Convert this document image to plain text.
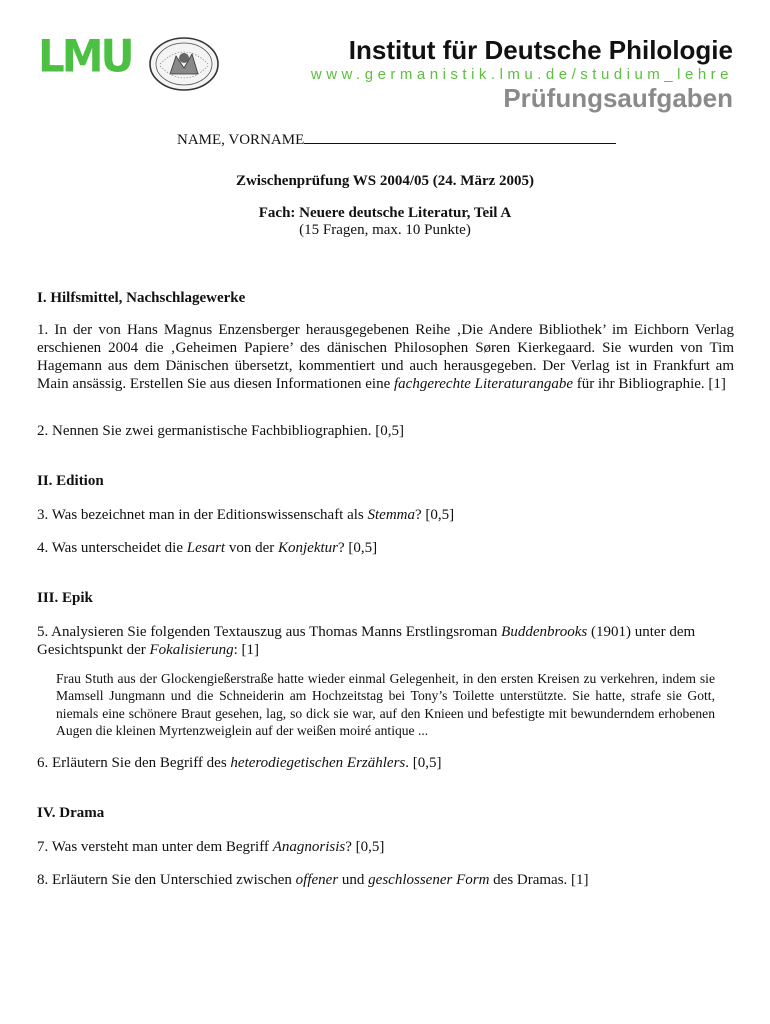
LMU	Institut für Deutsche Philologie
www.germanistik.lmu.de/studium_lehre
Prüfungsaufgaben
NAME, VORNAME
Zwischenprüfung WS 2004/05 (24. März 2005)
Fach: Neuere deutsche Literatur, Teil A
(15 Fragen, max. 10 Punkte)
I. Hilfsmittel, Nachschlagewerke
1. In der von Hans Magnus Enzensberger herausgegebenen Reihe ‚Die Andere Bibliothek’ im Eichborn Verlag erschienen 2004 die ‚Geheimen Papiere’ des dänischen Philosophen Søren Kierkegaard. Sie wurden von Tim Hagemann aus dem Dänischen übersetzt, kommentiert und auch herausgegeben. Der Verlag ist in Frankfurt am Main ansässig. Erstellen Sie aus diesen Informationen eine fachgerechte Literaturangabe für ihr Bibliographie. [1]
2. Nennen Sie zwei germanistische Fachbibliographien. [0,5]
II. Edition
3. Was bezeichnet man in der Editionswissenschaft als Stemma? [0,5]
4. Was unterscheidet die Lesart von der Konjektur? [0,5]
III. Epik
5. Analysieren Sie folgenden Textauszug aus Thomas Manns Erstlingsroman Buddenbrooks (1901) unter dem Gesichtspunkt der Fokalisierung: [1]
Frau Stuth aus der Glockengießerstraße hatte wieder einmal Gelegenheit, in den ersten Kreisen zu verkehren, indem sie Mamsell Jungmann und die Schneiderin am Hochzeitstag bei Tony’s Toilette unterstützte. Sie hatte, strafe sie Gott, niemals eine schönere Braut gesehen, lag, so dick sie war, auf den Knieen und befestigte mit bewunderndem erhobenen Augen die kleinen Myrtenzweiglein auf der weißen moiré antique ...
6. Erläutern Sie den Begriff des heterodiegetischen Erzählers. [0,5]
IV. Drama
7. Was versteht man unter dem Begriff Anagnorisis? [0,5]
8. Erläutern Sie den Unterschied zwischen offener und geschlossener Form des Dramas. [1]
